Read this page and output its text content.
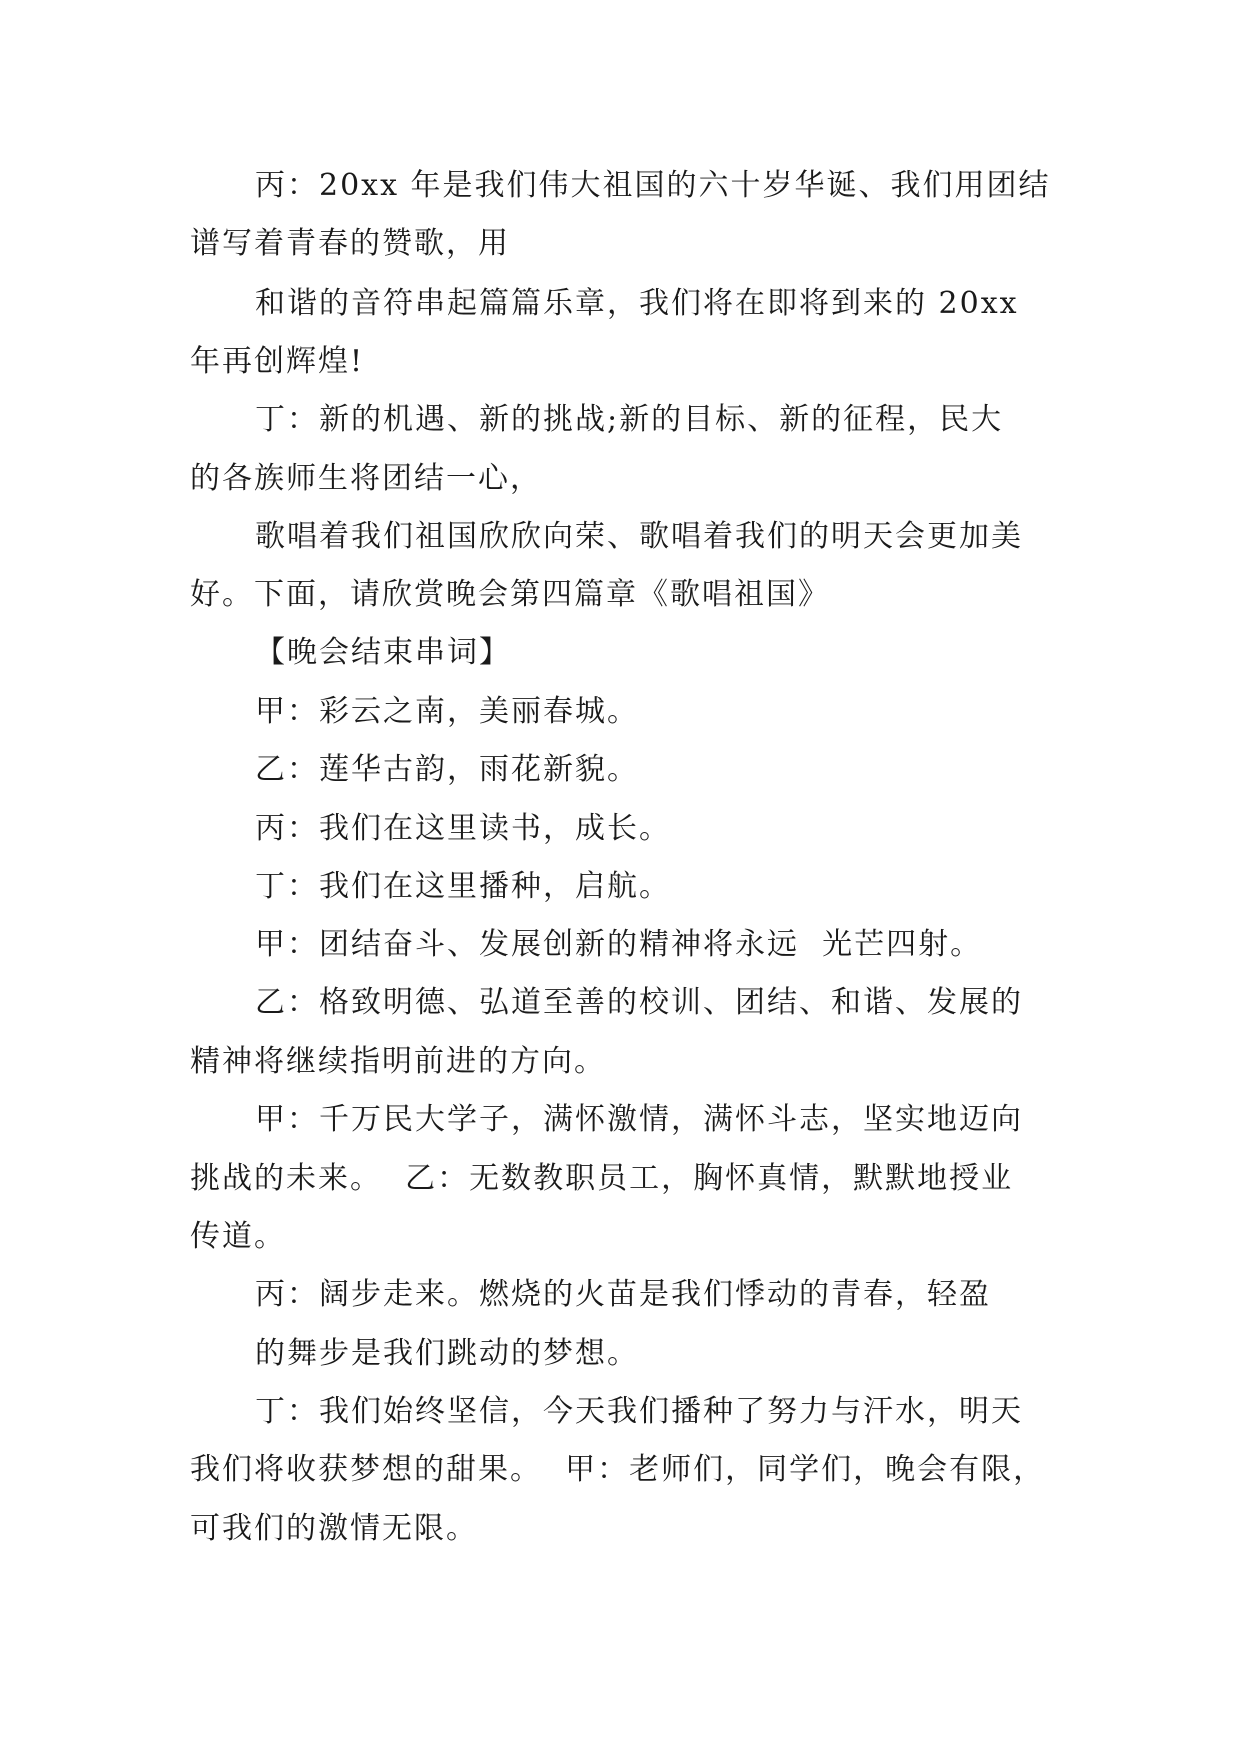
丙：20xx 年是我们伟大祖国的六十岁华诞、我们用团结
谱写着青春的赞歌，用
和谐的音符串起篇篇乐章，我们将在即将到来的 20xx
年再创辉煌!
丁：新的机遇、新的挑战;新的目标、新的征程，民大
的各族师生将团结一心，
歌唱着我们祖国欣欣向荣、歌唱着我们的明天会更加美
好。下面，请欣赏晚会第四篇章《歌唱祖国》
【晚会结束串词】
甲：彩云之南，美丽春城。
乙：莲华古韵，雨花新貌。
丙：我们在这里读书，成长。
丁：我们在这里播种，启航。
甲：团结奋斗、发展创新的精神将永远  光芒四射。
乙：格致明德、弘道至善的校训、团结、和谐、发展的
精神将继续指明前进的方向。
甲：千万民大学子，满怀激情，满怀斗志，坚实地迈向
挑战的未来。  乙：无数教职员工，胸怀真情，默默地授业
传道。
丙：阔步走来。燃烧的火苗是我们悸动的青春，轻盈
的舞步是我们跳动的梦想。
丁：我们始终坚信，今天我们播种了努力与汗水，明天
我们将收获梦想的甜果。  甲：老师们，同学们，晚会有限，
可我们的激情无限。
